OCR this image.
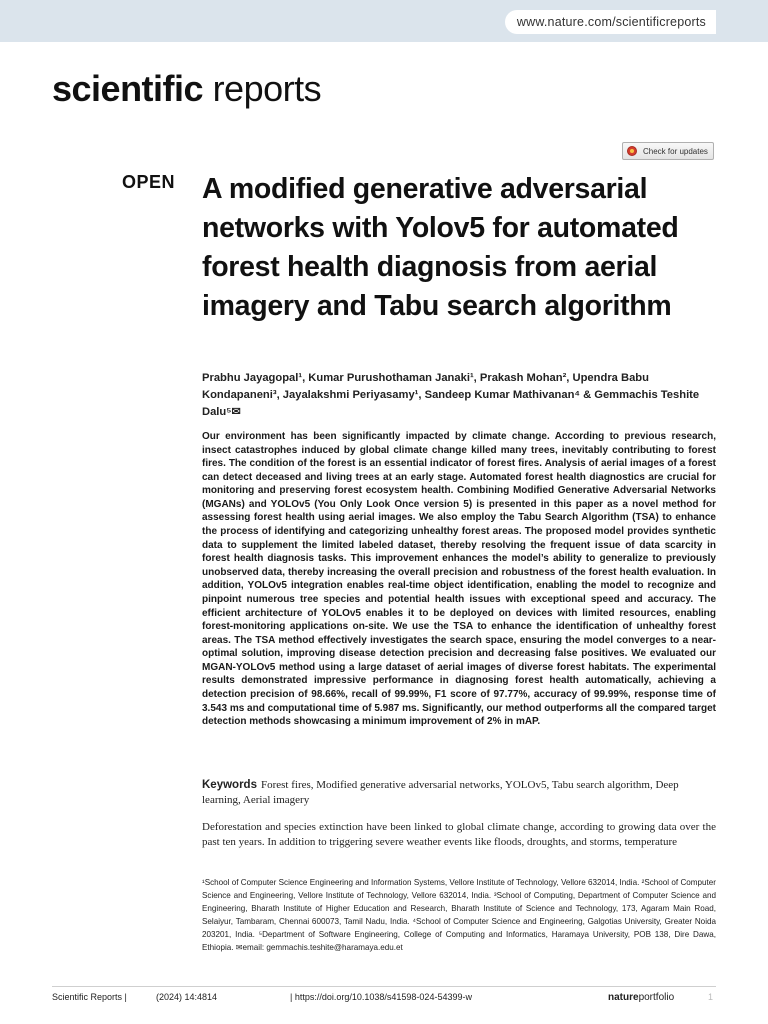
www.nature.com/scientificreports
scientific reports
Check for updates
OPEN A modified generative adversarial networks with Yolov5 for automated forest health diagnosis from aerial imagery and Tabu search algorithm

Prabhu Jayagopal¹, Kumar Purushothaman Janaki¹, Prakash Mohan², Upendra Babu Kondapaneni³, Jayalakshmi Periyasamy¹, Sandeep Kumar Mathivanan⁴ & Gemmachis Teshite Dalu⁵✉

Our environment has been significantly impacted by climate change. According to previous research, insect catastrophes induced by global climate change killed many trees, inevitably contributing to forest fires. The condition of the forest is an essential indicator of forest fires. Analysis of aerial images of a forest can detect deceased and living trees at an early stage. Automated forest health diagnostics are crucial for monitoring and preserving forest ecosystem health. Combining Modified Generative Adversarial Networks (MGANs) and YOLOv5 (You Only Look Once version 5) is presented in this paper as a novel method for assessing forest health using aerial images. We also employ the Tabu Search Algorithm (TSA) to enhance the process of identifying and categorizing unhealthy forest areas. The proposed model provides synthetic data to supplement the limited labeled dataset, thereby resolving the frequent issue of data scarcity in forest health diagnosis tasks. This improvement enhances the model’s ability to generalize to previously unobserved data, thereby increasing the overall precision and robustness of the forest health evaluation. In addition, YOLOv5 integration enables real-time object identification, enabling the model to recognize and pinpoint numerous tree species and potential health issues with exceptional speed and accuracy. The efficient architecture of YOLOv5 enables it to be deployed on devices with limited resources, enabling forest-monitoring applications on-site. We use the TSA to enhance the identification of unhealthy forest areas. The TSA method effectively investigates the search space, ensuring the model converges to a near-optimal solution, improving disease detection precision and decreasing false positives. We evaluated our MGAN-YOLOv5 method using a large dataset of aerial images of diverse forest habitats. The experimental results demonstrated impressive performance in diagnosing forest health automatically, achieving a detection precision of 98.66%, recall of 99.99%, F1 score of 97.77%, accuracy of 99.99%, response time of 3.543 ms and computational time of 5.987 ms. Significantly, our method outperforms all the compared target detection methods showcasing a minimum improvement of 2% in mAP.

Keywords Forest fires, Modified generative adversarial networks, YOLOv5, Tabu search algorithm, Deep learning, Aerial imagery

Deforestation and species extinction have been linked to global climate change, according to growing data over the past ten years. In addition to triggering severe weather events like floods, droughts, and storms, temperature

¹School of Computer Science Engineering and Information Systems, Vellore Institute of Technology, Vellore 632014, India. ²School of Computer Science and Engineering, Vellore Institute of Technology, Vellore 632014, India. ³School of Computing, Department of Computer Science and Engineering, Bharath Institute of Higher Education and Research, Bharath Institute of Science and Technology, 173, Agaram Main Road, Selaiyur, Tambaram, Chennai 600073, Tamil Nadu, India. ⁴School of Computer Science and Engineering, Galgotias University, Greater Noida 203201, India. ⁵Department of Software Engineering, College of Computing and Informatics, Haramaya University, POB 138, Dire Dawa, Ethiopia. ✉email: gemmachis.teshite@haramaya.edu.et

Scientific Reports |	(2024) 14:4814	| https://doi.org/10.1038/s41598-024-54399-w	natureportfolio	1
